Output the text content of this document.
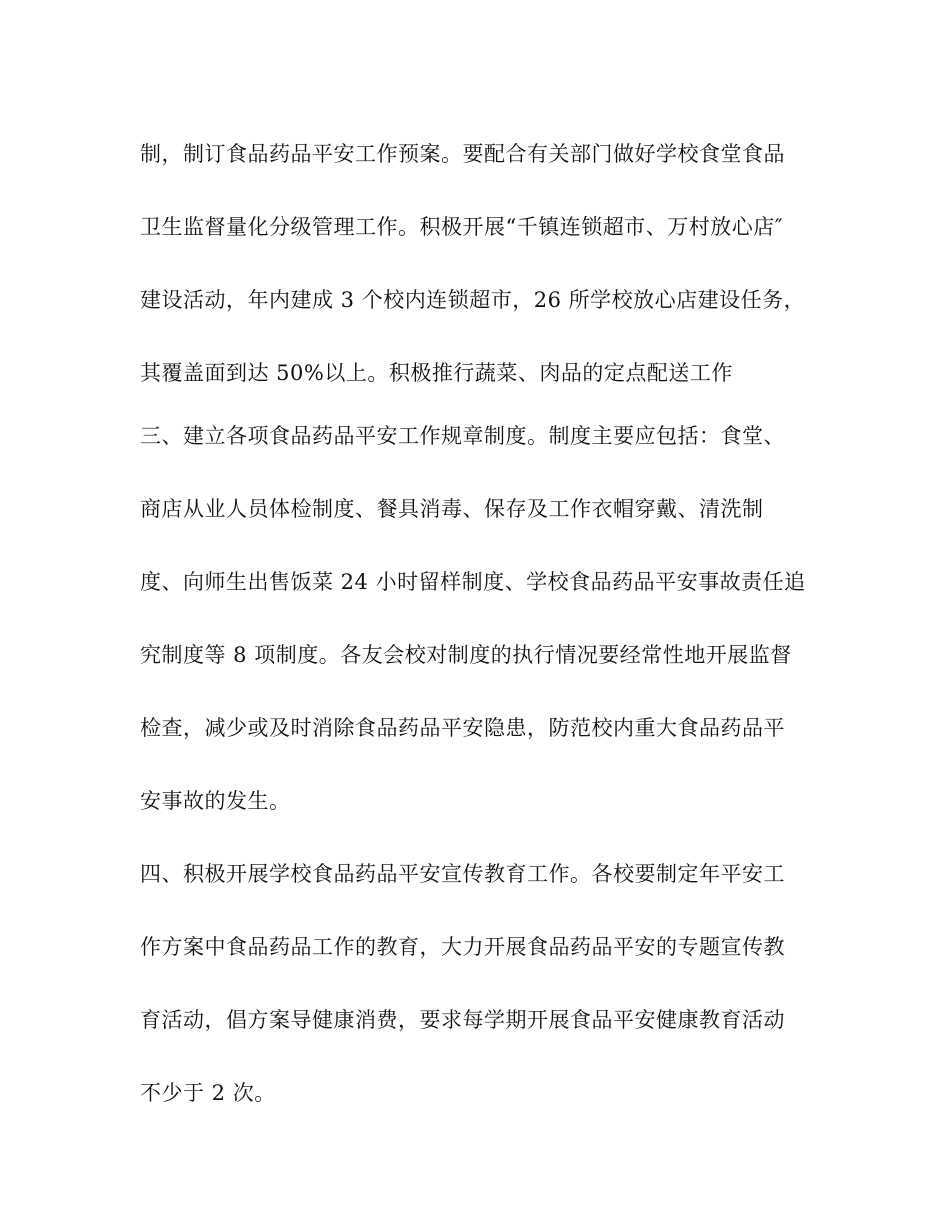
制，制订食品药品平安工作预案。要配合有关部门做好学校食堂食品
卫生监督量化分级管理工作。积极开展“千镇连锁超市、万村放心店″
建设活动，年内建成 3 个校内连锁超市，26 所学校放心店建设任务，
其覆盖面到达 50%以上。积极推行蔬菜、肉品的定点配送工作
三、建立各项食品药品平安工作规章制度。制度主要应包括：食堂、
商店从业人员体检制度、餐具消毒、保存及工作衣帽穿戴、清洗制
度、向师生出售饭菜 24 小时留样制度、学校食品药品平安事故责任追
究制度等 8 项制度。各友会校对制度的执行情况要经常性地开展监督
检查，减少或及时消除食品药品平安隐患，防范校内重大食品药品平
安事故的发生。
四、积极开展学校食品药品平安宣传教育工作。各校要制定年平安工
作方案中食品药品工作的教育，大力开展食品药品平安的专题宣传教
育活动，倡方案导健康消费，要求每学期开展食品平安健康教育活动
不少于 2 次。
